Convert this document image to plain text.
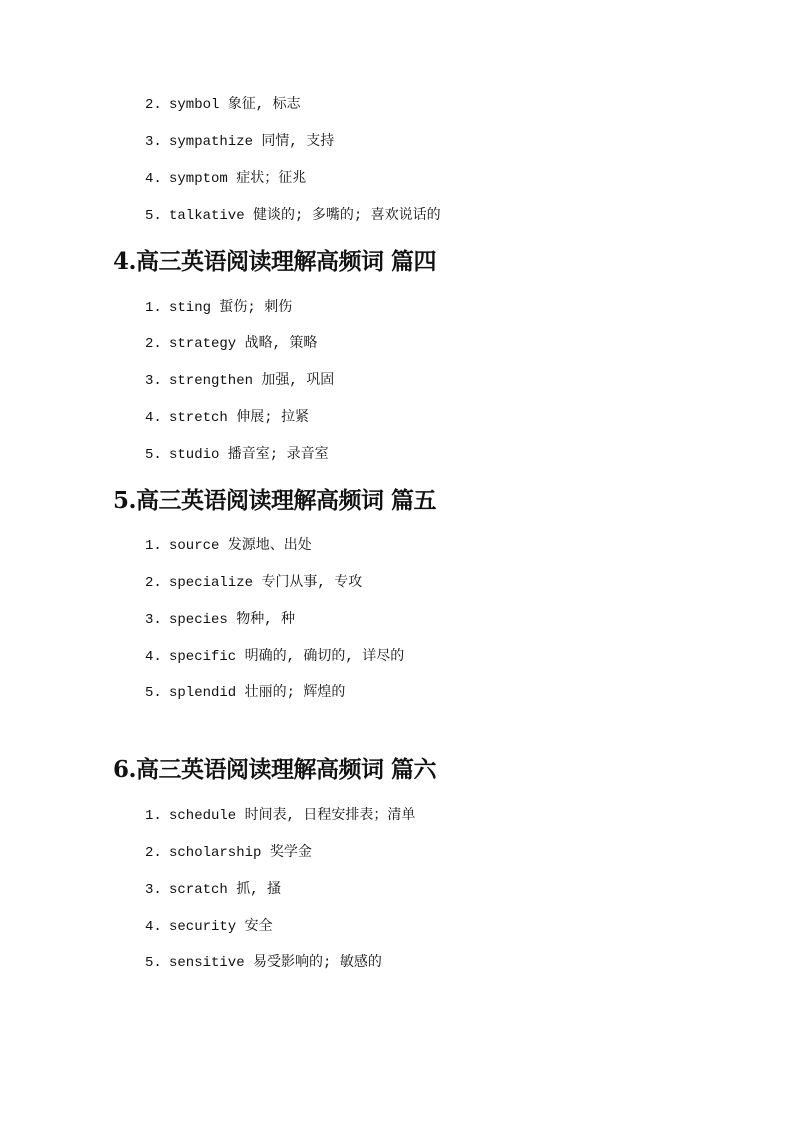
2. symbol 象征, 标志
3. sympathize 同情, 支持
4. symptom 症状；征兆
5. talkative 健谈的; 多嘴的; 喜欢说话的
4.高三英语阅读理解高频词 篇四
1. sting 蜇伤; 刺伤
2. strategy 战略, 策略
3. strengthen 加强, 巩固
4. stretch 伸展; 拉紧
5. studio 播音室; 录音室
5.高三英语阅读理解高频词 篇五
1. source 发源地、出处
2. specialize 专门从事, 专攻
3. species 物种, 种
4. specific 明确的, 确切的, 详尽的
5. splendid 壮丽的; 辉煌的
6.高三英语阅读理解高频词 篇六
1. schedule 时间表, 日程安排表；清单
2. scholarship 奖学金
3. scratch 抓, 搔
4. security 安全
5. sensitive 易受影响的; 敏感的
